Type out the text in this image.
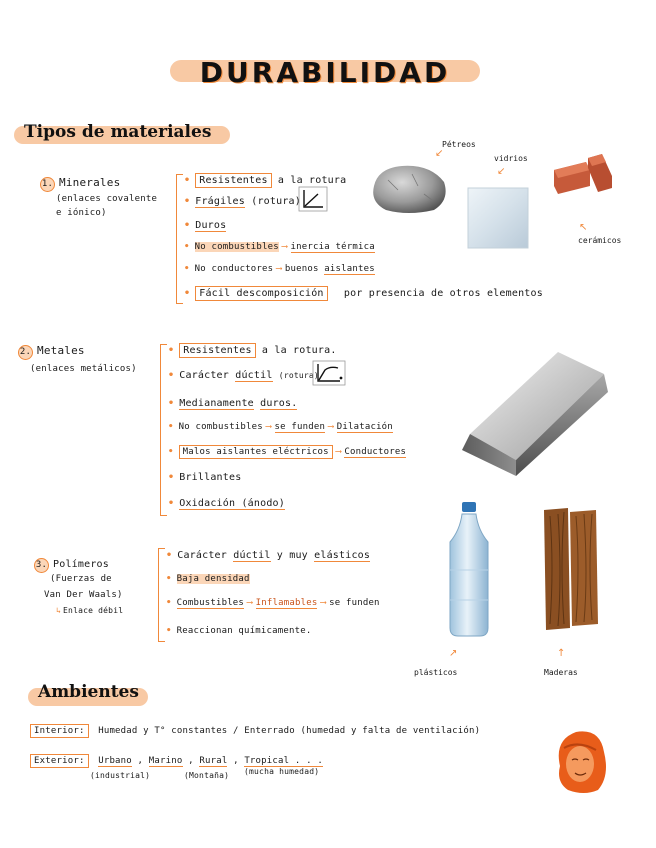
DURABILIDAD
Tipos de materiales
1. Minerales
(enlaces covalente
e iónico)
• Resistentes a la rotura
• Frágiles (rotura)
• Duros
• No combustibles ⟶ inercia térmica
• No conductores ⟶ buenos aislantes
• Fácil descomposición por presencia de otros elementos
Pétreos
↙	vidrios
↙
↖
cerámicos
2. Metales
(enlaces metálicos)
• Resistentes a la rotura.
• Carácter dúctil (rotura)
• Medianamente duros.
• No combustibles ⟶ se funden ⟶ Dilatación
• Malos aislantes eléctricos ⟶ Conductores
• Brillantes
• Oxidación (ánodo)
3. Polímeros
(Fuerzas de
Van Der Waals)
↳ Enlace débil
• Carácter dúctil y muy elásticos
• Baja densidad
• Combustibles ⟶ Inflamables ⟶ se funden
• Reaccionan químicamente.
↗
plásticos
↑
Maderas
Ambientes
Interior: Humedad y T° constantes / Enterrado (humedad y falta de ventilación)
Exterior: Urbano , Marino , Rural , Tropical . . .
(industrial)	(Montaña) (mucha humedad)
